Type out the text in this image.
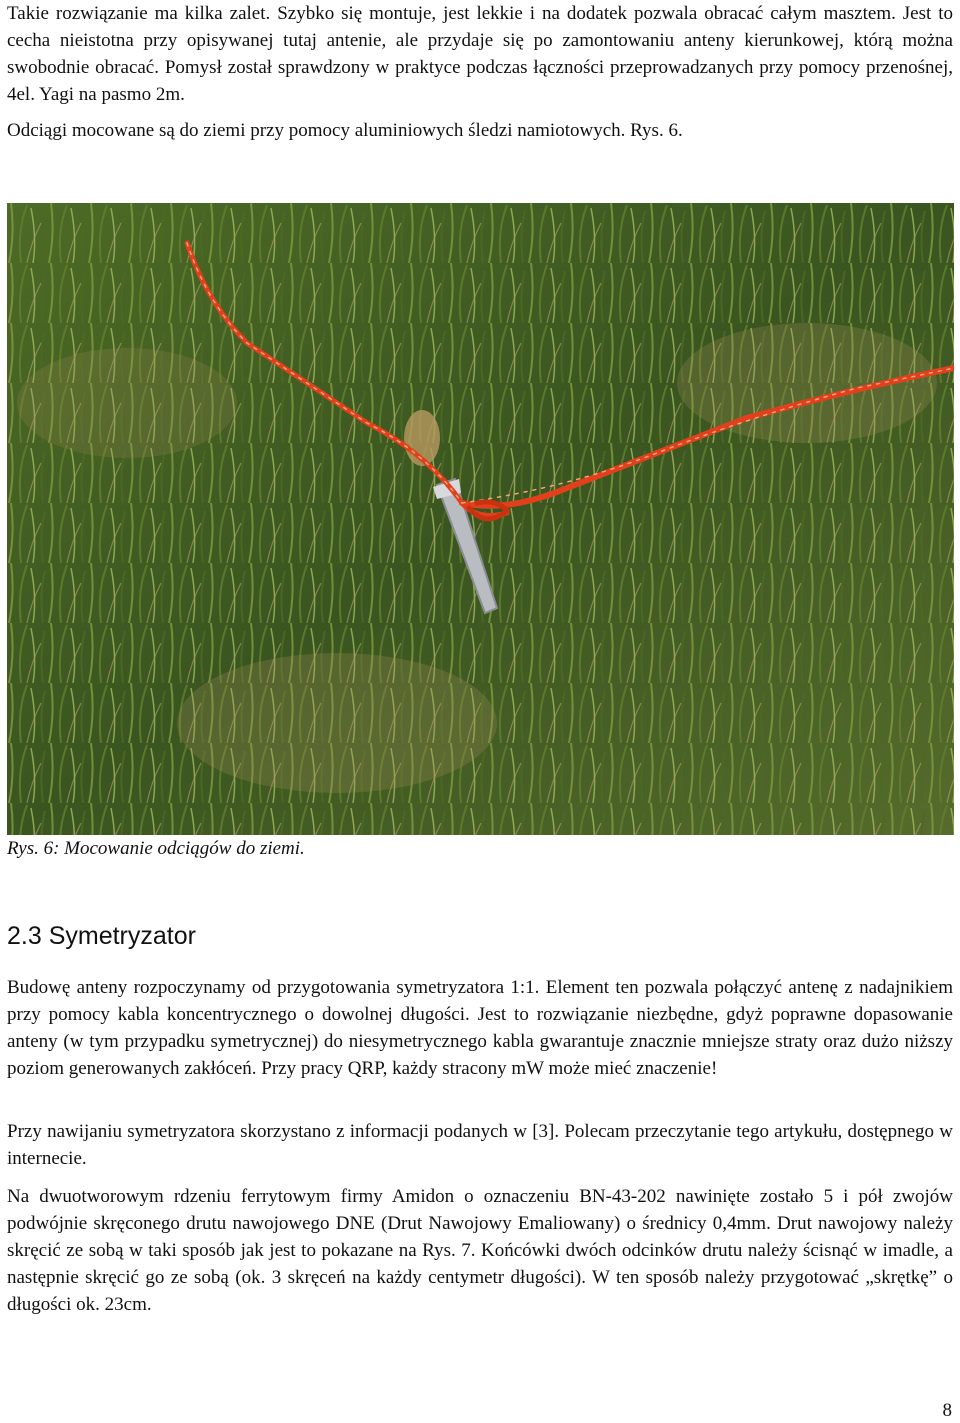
Takie rozwiązanie ma kilka zalet. Szybko się montuje, jest lekkie i na dodatek pozwala obracać całym masztem. Jest to cecha nieistotna przy opisywanej tutaj antenie, ale przydaje się po zamontowaniu anteny kierunkowej, którą można swobodnie obracać. Pomysł został sprawdzony w praktyce podczas łączności przeprowadzanych przy pomocy przenośnej, 4el. Yagi na pasmo 2m.

Odciągi mocowane są do ziemi przy pomocy aluminiowych śledzi namiotowych. Rys. 6.

Rys. 6: Mocowanie odciągów do ziemi.

2.3 Symetryzator

Budowę anteny rozpoczynamy od przygotowania symetryzatora 1:1. Element ten pozwala połączyć antenę z nadajnikiem przy pomocy kabla koncentrycznego o dowolnej długości. Jest to rozwiązanie niezbędne, gdyż poprawne dopasowanie anteny (w tym przypadku symetrycznej) do niesymetrycznego kabla gwarantuje znacznie mniejsze straty oraz dużo niższy poziom generowanych zakłóceń. Przy pracy QRP, każdy stracony mW może mieć znaczenie!

Przy nawijaniu symetryzatora skorzystano z informacji podanych w [3]. Polecam przeczytanie tego artykułu, dostępnego w internecie.

Na dwuotworowym rdzeniu ferrytowym firmy Amidon o oznaczeniu BN-43-202 nawinięte zostało 5 i pół zwojów podwójnie skręconego drutu nawojowego DNE (Drut Nawojowy Emaliowany) o średnicy 0,4mm. Drut nawojowy należy skręcić ze sobą w taki sposób jak jest to pokazane na Rys. 7. Końcówki dwóch odcinków drutu należy ścisnąć w imadle, a następnie skręcić go ze sobą (ok. 3 skręceń na każdy centymetr długości). W ten sposób należy przygotować „skrętkę” o długości ok. 23cm.

8
